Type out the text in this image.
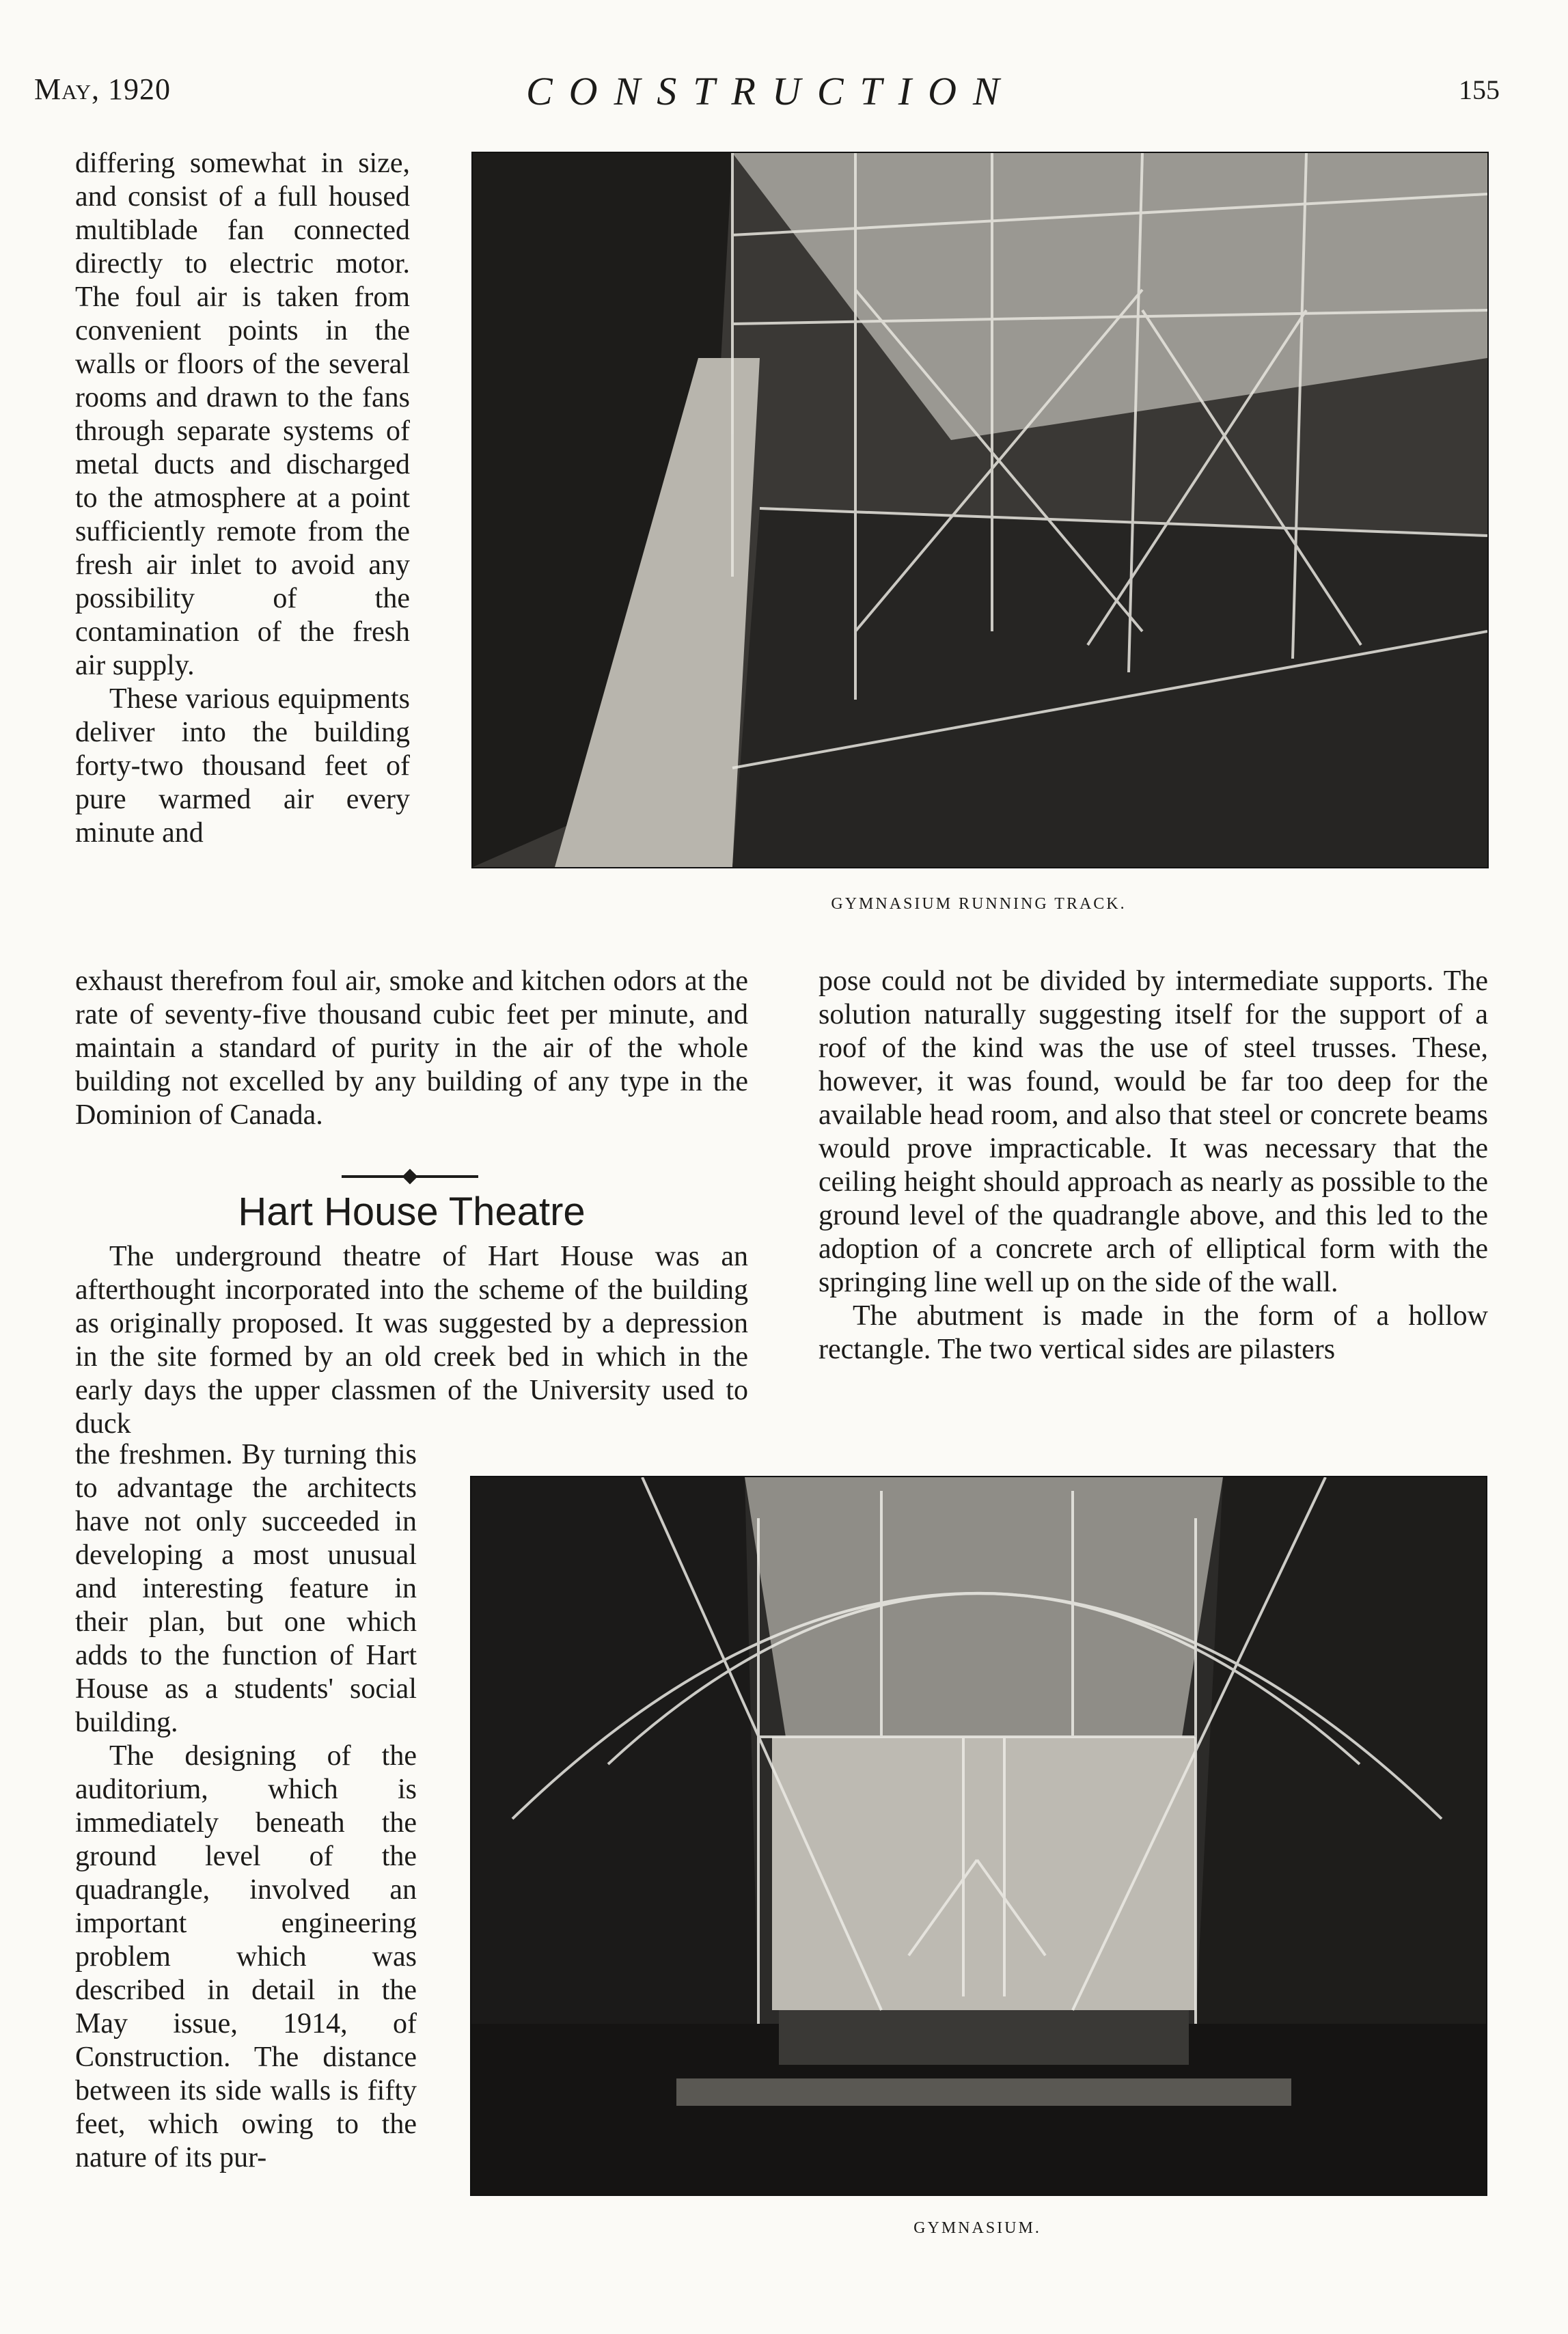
May, 1920	CONSTRUCTION	155

differing somewhat in size, and consist of a full housed multiblade fan connected directly to electric motor. The foul air is taken from convenient points in the walls or floors of the several rooms and drawn to the fans through separate systems of metal ducts and discharged to the atmosphere at a point sufficiently remote from the fresh air inlet to avoid any possibility of the contamination of the fresh air supply.

These various equipments deliver into the building forty-two thousand feet of pure warmed air every minute and

GYMNASIUM RUNNING TRACK.

exhaust therefrom foul air, smoke and kitchen odors at the rate of seventy-five thousand cubic feet per minute, and maintain a standard of purity in the air of the whole building not excelled by any building of any type in the Dominion of Canada.

Hart House Theatre

The underground theatre of Hart House was an afterthought incorporated into the scheme of the building as originally proposed. It was suggested by a depression in the site formed by an old creek bed in which in the early days the upper classmen of the University used to duck

the freshmen. By turning this to advantage the architects have not only succeeded in developing a most unusual and interesting feature in their plan, but one which adds to the function of Hart House as a students' social building.

The designing of the auditorium, which is immediately beneath the ground level of the quadrangle, involved an important engineering problem which was described in detail in the May issue, 1914, of Construction. The distance between its side walls is fifty feet, which owing to the nature of its pur-

pose could not be divided by intermediate supports. The solution naturally suggesting itself for the support of a roof of the kind was the use of steel trusses. These, however, it was found, would be far too deep for the available head room, and also that steel or concrete beams would prove impracticable. It was necessary that the ceiling height should approach as nearly as possible to the ground level of the quadrangle above, and this led to the adoption of a concrete arch of elliptical form with the springing line well up on the side of the wall.

The abutment is made in the form of a hollow rectangle. The two vertical sides are pilasters

GYMNASIUM.
